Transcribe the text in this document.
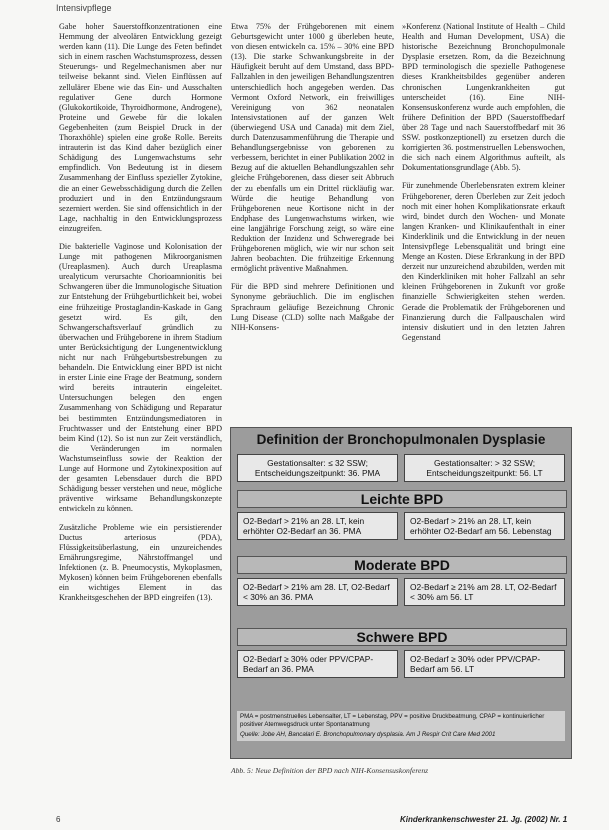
Intensivpflege

Gabe hoher Sauerstoffkonzentrationen eine Hemmung der alveolären Entwicklung gezeigt werden kann (11). Die Lunge des Feten befindet sich in einem raschen Wachstumsprozess, dessen Steuerungs- und Regelmechanismen aber nur teilweise bekannt sind. Vielen Einflüssen auf zellulärer Ebene wie das Ein- und Ausschalten regulativer Gene durch Hormone (Glukokortikoide, Thyroidhormone, Androgene), Proteine und Gewebe für die lokalen Gegebenheiten (zum Beispiel Druck in der Thoraxhöhle) spielen eine große Rolle. Bereits intrauterin ist das Kind daher bezüglich einer Schädigung des Lungenwachstums sehr empfindlich. Von Bedeutung ist in diesem Zusammenhang der Einfluss spezieller Zytokine, die an einer Gewebsschädigung durch die Zellen produziert und in den Entzündungsraum sezerniert werden. Sie sind offensichtlich in der Lage, nachhaltig in den Entwicklungsprozess einzugreifen.

Die bakterielle Vaginose und Kolonisation der Lunge mit pathogenen Mikroorganismen (Ureaplasmen). Auch durch Ureaplasma urealyticum verursachte Chorioamnionitis bei Schwangeren über die Immunologische Situation zur Entstehung der Frühgeburtlichkeit bei, wobei eine frühzeitige Prostaglandin-Kaskade in Gang gesetzt wird. Es gilt, den Schwangerschaftsverlauf gründlich zu überwachen und Frühgeborene in ihrem Stadium unter Berücksichtigung der Lungenentwicklung nicht nur nach Frühgeburtsbestrebungen zu behandeln. Die Entwicklung einer BPD ist nicht in erster Linie eine Frage der Beatmung, sondern wird bereits intrauterin eingeleitet. Untersuchungen belegen den engen Zusammenhang von Schädigung und Reparatur bei bestimmten Entzündungsmediatoren in Fruchtwasser und der Entstehung einer BPD beim Kind (12). So ist nun zur Zeit verständlich, die Veränderungen im normalen Wachstumseinfluss sowie der Reaktion der Lunge auf Hormone und Zytokinexposition auf der gesamten Lebensdauer durch die BPD Schädigung besser verstehen und neue, mögliche präventive wirksame Behandlungskonzepte entwickeln zu können.

Zusätzliche Probleme wie ein persistierender Ductus arteriosus (PDA), Flüssigkeitsüberlastung, ein unzureichendes Ernährungsregime, Nährstoffmangel und Infektionen (z. B. Pneumocystis, Mykoplasmen, Mykosen) können beim Frühgeborenen ebenfalls ein wichtiges Element in das Krankheitsgeschehen der BPD eingreifen (13).

Etwa 75% der Frühgeborenen mit einem Geburtsgewicht unter 1000 g überleben heute, von diesen entwickeln ca. 15% – 30% eine BPD (13). Die starke Schwankungsbreite in der Häufigkeit beruht auf dem Umstand, dass BPD-Fallzahlen in den jeweiligen Behandlungszentren unterschiedlich hoch angegeben werden. Das Vermont Oxford Network, ein freiwilliges Vereinigung von 362 neonatalen Intensivstationen auf der ganzen Welt (überwiegend USA und Canada) mit dem Ziel, durch Datenzusammenführung die Therapie und Behandlungsergebnisse von geborenen zu verbessern, berichtet in einer Publikation 2002 in Bezug auf die aktuellen Behandlungszahlen sehr gleiche Frühgeborenen, dass dieser seit Abbruch der zu ebenfalls um ein Drittel rückläufig war. Würde die heutige Behandlung von Frühgeborenen neue Kortisone nicht in der Endphase des Lungenwachstums wirken, wie eine langjährige Forschung zeigt, so wäre eine Reduktion der Inzidenz und Schweregrade bei Frühgeborenen möglich, wie wir nur schon seit Jahren beobachten. Die frühzeitige Erkennung ermöglicht präventive Maßnahmen.

Für die BPD sind mehrere Definitionen und Synonyme gebräuchlich. Die im englischen Sprachraum geläufige Bezeichnung Chronic Lung Disease (CLD) sollte nach Maßgabe der NIH-Konsens-

»Konferenz (National Institute of Health – Child Health and Human Development, USA) die historische Bezeichnung Bronchopulmonale Dysplasie ersetzen. Rom, da die Bezeichnung BPD terminologisch die spezielle Pathogenese dieses Krankheitsbildes gegenüber anderen chronischen Lungenkrankheiten gut unterscheidet (16). Eine NIH-Konsensuskonferenz wurde auch empfohlen, die frühere Definition der BPD (Sauerstoffbedarf über 28 Tage und nach Sauerstoffbedarf mit 36 SSW. postkonzeptionell) zu ersetzen durch die korrigierten 36. postmenstruellen Lebenswochen, die sich nach einem Algorithmus aufteilt, als Dokumentationsgrundlage (Abb. 5).

Für zunehmende Überlebensraten extrem kleiner Frühgeborener, deren Überleben zur Zeit jedoch noch mit einer hohen Komplikationsrate erkauft wird, bindet durch den Wochen- und Monate langen Kranken- und Klinikaufenthalt in einer Kinderklinik und die Entwicklung in der neuen Intensivpflege Lebensqualität und bringt eine Menge an Kosten. Diese Erkrankung in der BPD derzeit nur unzureichend abzubilden, werden mit den Kinderkliniken mit hoher Fallzahl an sehr kleinen Frühgeborenen in Zukunft vor große finanzielle Schwierigkeiten stehen werden. Gerade die Problematik der Frühgeborenen und Finanzierung durch die Fallpauschalen wird intensiv diskutiert und in den letzten Jahren Gegenstand

Definition der Bronchopulmonalen Dysplasie
Gestationsalter: ≤ 32 SSW; Entscheidungszeitpunkt: 36. PMA
Gestationsalter: > 32 SSW; Entscheidungszeitpunkt: 56. LT
Leichte BPD
O2-Bedarf > 21% an 28. LT, kein erhöhter O2-Bedarf an 36. PMA
O2-Bedarf > 21% an 28. LT, kein erhöhter O2-Bedarf am 56. Lebenstag
Moderate BPD
O2-Bedarf > 21% am 28. LT, O2-Bedarf < 30% an 36. PMA
O2-Bedarf ≥ 21% am 28. LT, O2-Bedarf < 30% am 56. LT
Schwere BPD
O2-Bedarf ≥ 30% oder PPV/CPAP-Bedarf an 36. PMA
O2-Bedarf ≥ 30% oder PPV/CPAP-Bedarf am 56. LT
PMA = postmenstruelles Lebensalter, LT = Lebenstag, PPV = positive Druckbeatmung, CPAP = kontinuierlicher positiver Atemwegsdruck unter Spontanatmung
Quelle: Jobe AH, Bancalari E. Bronchopulmonary dysplasia. Am J Respir Crit Care Med 2001
Abb. 5: Neue Definition der BPD nach NIH-Konsensuskonferenz
6	Kinderkrankenschwester 21. Jg. (2002) Nr. 1
